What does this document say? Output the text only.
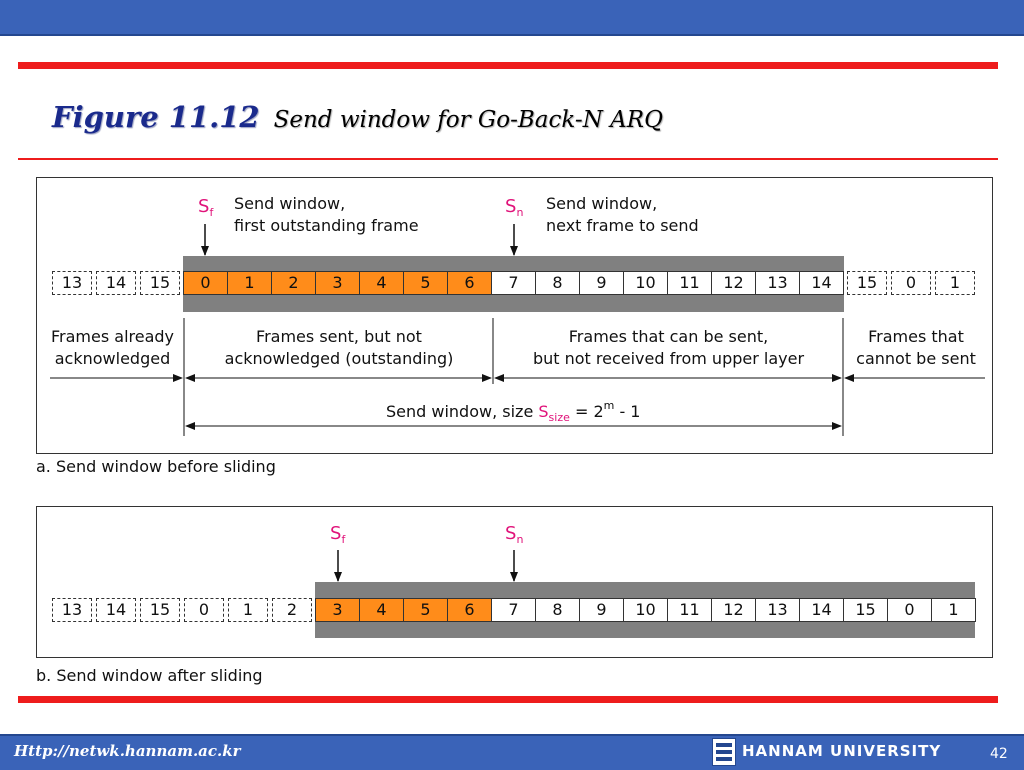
Figure 11.12 Send window for Go-Back-N ARQ
$S_f$ Send window,
first outstanding frame
$S_n$ Send window,
next frame to send
13	14	15	0	1	2	3	4	5	6	7	8	9	10	11	12	13	14	15	0	1
Frames already
acknowledged
Frames sent, but not
acknowledged (outstanding)
Frames that can be sent,
but not received from upper layer
Frames that
cannot be sent
Send window, size $S_{size} = 2^m - 1$
a. Send window before sliding
$S_f$	$S_n$
13	14	15	0	1	2	3	4	5	6	7	8	9	10	11	12	13	14	15	0	1
b. Send window after sliding
Http://netwk.hannam.ac.kr	HANNAM UNIVERSITY	42
